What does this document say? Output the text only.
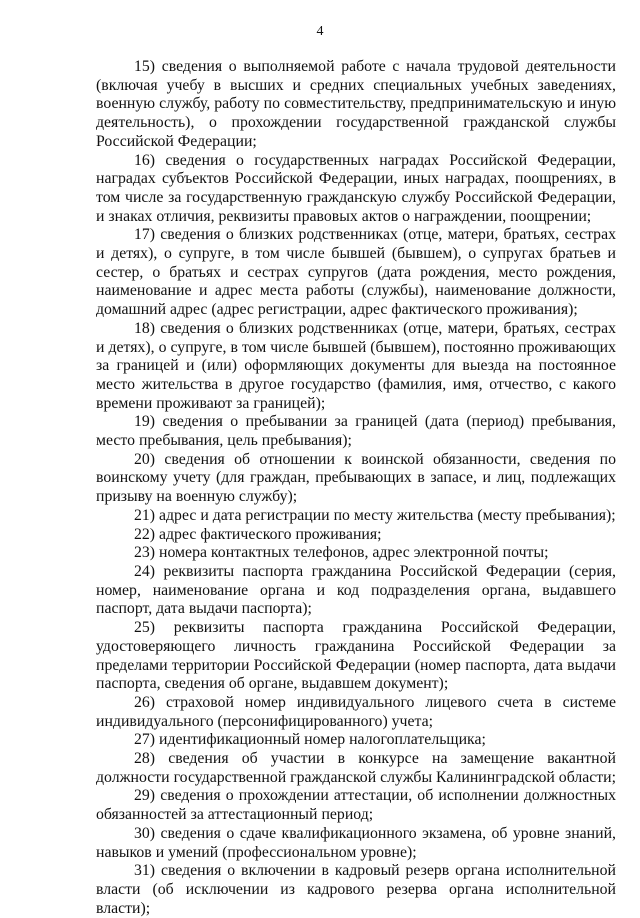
4

15) сведения о выполняемой работе с начала трудовой деятельности (включая учебу в высших и средних специальных учебных заведениях, военную службу, работу по совместительству, предпринимательскую и иную деятельность), о прохождении государственной гражданской службы Российской Федерации;

16) сведения о государственных наградах Российской Федерации, наградах субъектов Российской Федерации, иных наградах, поощрениях, в том числе за государственную гражданскую службу Российской Федерации, и знаках отличия, реквизиты правовых актов о награждении, поощрении;

17) сведения о близких родственниках (отце, матери, братьях, сестрах и детях), о супруге, в том числе бывшей (бывшем), о супругах братьев и сестер, о братьях и сестрах супругов (дата рождения, место рождения, наименование и адрес места работы (службы), наименование должности, домашний адрес (адрес регистрации, адрес фактического проживания);

18) сведения о близких родственниках (отце, матери, братьях, сестрах и детях), о супруге, в том числе бывшей (бывшем), постоянно проживающих за границей и (или) оформляющих документы для выезда на постоянное место жительства в другое государство (фамилия, имя, отчество, с какого времени проживают за границей);

19) сведения о пребывании за границей (дата (период) пребывания, место пребывания, цель пребывания);

20) сведения об отношении к воинской обязанности, сведения по воинскому учету (для граждан, пребывающих в запасе, и лиц, подлежащих призыву на военную службу);

21) адрес и дата регистрации по месту жительства (месту пребывания);

22) адрес фактического проживания;

23) номера контактных телефонов, адрес электронной почты;

24) реквизиты паспорта гражданина Российской Федерации (серия, номер, наименование органа и код подразделения органа, выдавшего паспорт, дата выдачи паспорта);

25) реквизиты паспорта гражданина Российской Федерации, удостоверяющего личность гражданина Российской Федерации за пределами территории Российской Федерации (номер паспорта, дата выдачи паспорта, сведения об органе, выдавшем документ);

26) страховой номер индивидуального лицевого счета в системе индивидуального (персонифицированного) учета;

27) идентификационный номер налогоплательщика;

28) сведения об участии в конкурсе на замещение вакантной должности государственной гражданской службы Калининградской области;

29) сведения о прохождении аттестации, об исполнении должностных обязанностей за аттестационный период;

30) сведения о сдаче квалификационного экзамена, об уровне знаний, навыков и умений (профессиональном уровне);

31) сведения о включении в кадровый резерв органа исполнительной власти (об исключении из кадрового резерва органа исполнительной власти);
